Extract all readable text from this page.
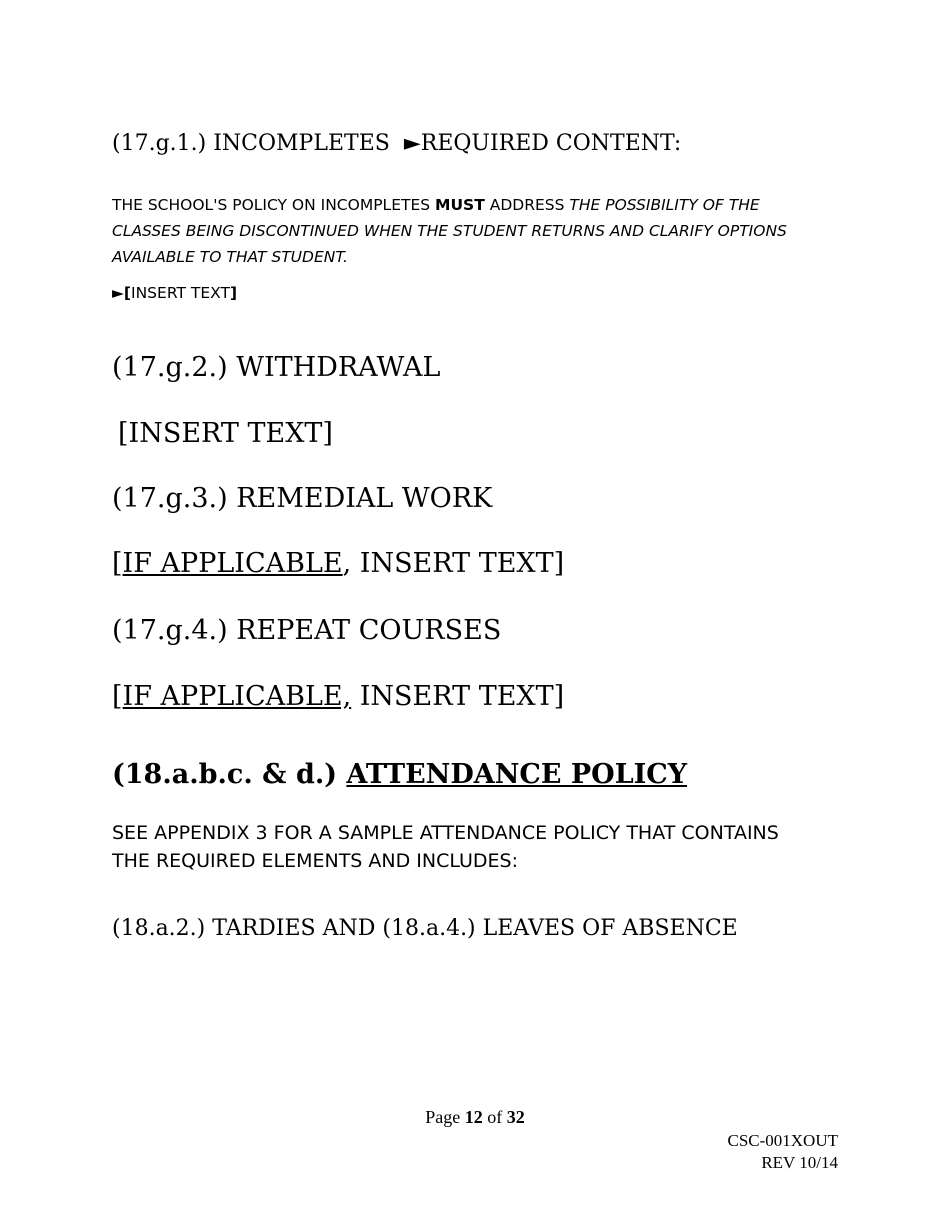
(17.g.1.) INCOMPLETES ►REQUIRED CONTENT:
THE SCHOOL'S POLICY ON INCOMPLETES MUST ADDRESS THE POSSIBILITY OF THE CLASSES BEING DISCONTINUED WHEN THE STUDENT RETURNS AND CLARIFY OPTIONS AVAILABLE TO THAT STUDENT.
►[INSERT TEXT]
(17.g.2.) WITHDRAWAL
[INSERT TEXT]
(17.g.3.) REMEDIAL WORK
[IF APPLICABLE, INSERT TEXT]
(17.g.4.) REPEAT COURSES
[IF APPLICABLE, INSERT TEXT]
(18.a.b.c. & d.) ATTENDANCE POLICY
SEE APPENDIX 3 FOR A SAMPLE ATTENDANCE POLICY THAT CONTAINS THE REQUIRED ELEMENTS AND INCLUDES:
(18.a.2.) TARDIES AND (18.a.4.) LEAVES OF ABSENCE
Page 12 of 32
CSC-001XOUT
REV 10/14
